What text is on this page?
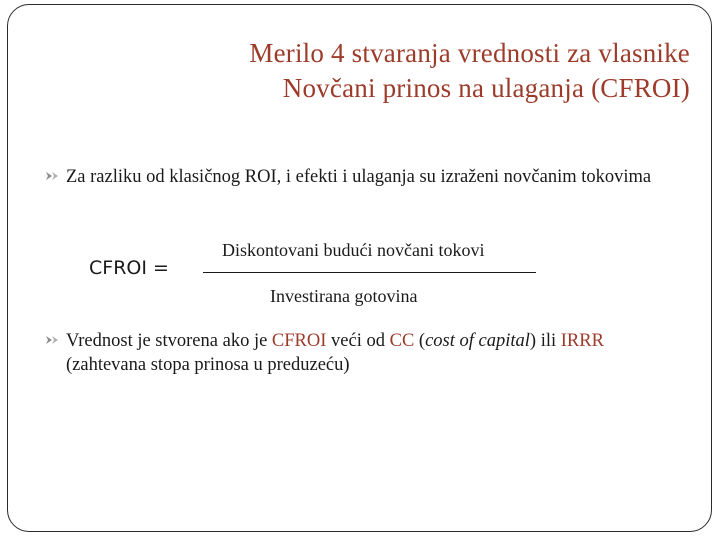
Merilo 4 stvaranja vrednosti za vlasnike
Novčani prinos na ulaganja (CFROI)
Za razliku od klasičnog ROI, i efekti i ulaganja su izraženi novčanim tokovima
CFROI =
Diskontovani budući novčani tokovi
Investirana gotovina
Vrednost je stvorena ako je CFROI veći od CC (cost of capital) ili IRRR (zahtevana stopa prinosa u preduzeću)
